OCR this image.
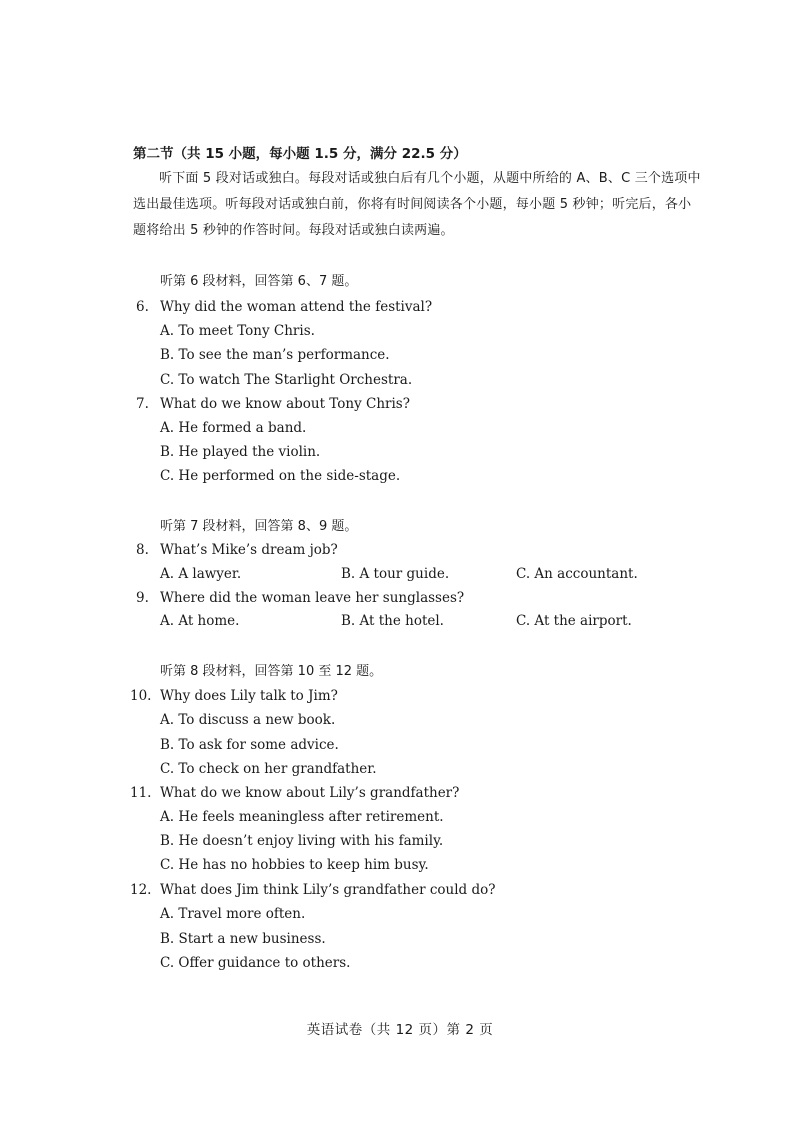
第二节（共 15 小题，每小题 1.5 分，满分 22.5 分）
听下面 5 段对话或独白。每段对话或独白后有几个小题，从题中所给的 A、B、C 三个选项中选出最佳选项。听每段对话或独白前，你将有时间阅读各个小题，每小题 5 秒钟；听完后，各小题将给出 5 秒钟的作答时间。每段对话或独白读两遍。
听第 6 段材料，回答第 6、7 题。
6. Why did the woman attend the festival?
A. To meet Tony Chris.
B. To see the man’s performance.
C. To watch The Starlight Orchestra.
7. What do we know about Tony Chris?
A. He formed a band.
B. He played the violin.
C. He performed on the side-stage.
听第 7 段材料，回答第 8、9 题。
8. What’s Mike’s dream job?
A. A lawyer.	B. A tour guide.	C. An accountant.
9. Where did the woman leave her sunglasses?
A. At home.	B. At the hotel.	C. At the airport.
听第 8 段材料，回答第 10 至 12 题。
10. Why does Lily talk to Jim?
A. To discuss a new book.
B. To ask for some advice.
C. To check on her grandfather.
11. What do we know about Lily’s grandfather?
A. He feels meaningless after retirement.
B. He doesn’t enjoy living with his family.
C. He has no hobbies to keep him busy.
12. What does Jim think Lily’s grandfather could do?
A. Travel more often.
B. Start a new business.
C. Offer guidance to others.
英语试卷（共 12 页）第 2 页
